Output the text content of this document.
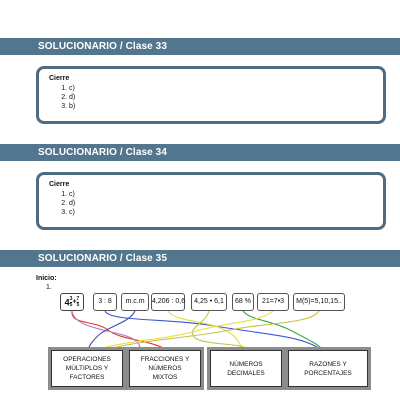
SOLUCIONARIO / Clase 33
Cierre
1. c)
2. d)
3. b)
SOLUCIONARIO / Clase 34
Cierre
1. c)
2. d)
3. c)
SOLUCIONARIO / Clase 35
Inicio:
1.
$4 \frac{3}{5} + \frac{7}{5}$	3 : 8	m.c.m	4,206 : 0,6	4,25 • 6,1	68 %	21=7•3	M(5)=5,10,15..
OPERACIONES
MÚLTIPLOS Y
FACTORES
FRACCIONES Y
NÚMEROS
MIXTOS
NÚMEROS
DECIMALES
RAZONES Y
PORCENTAJES
